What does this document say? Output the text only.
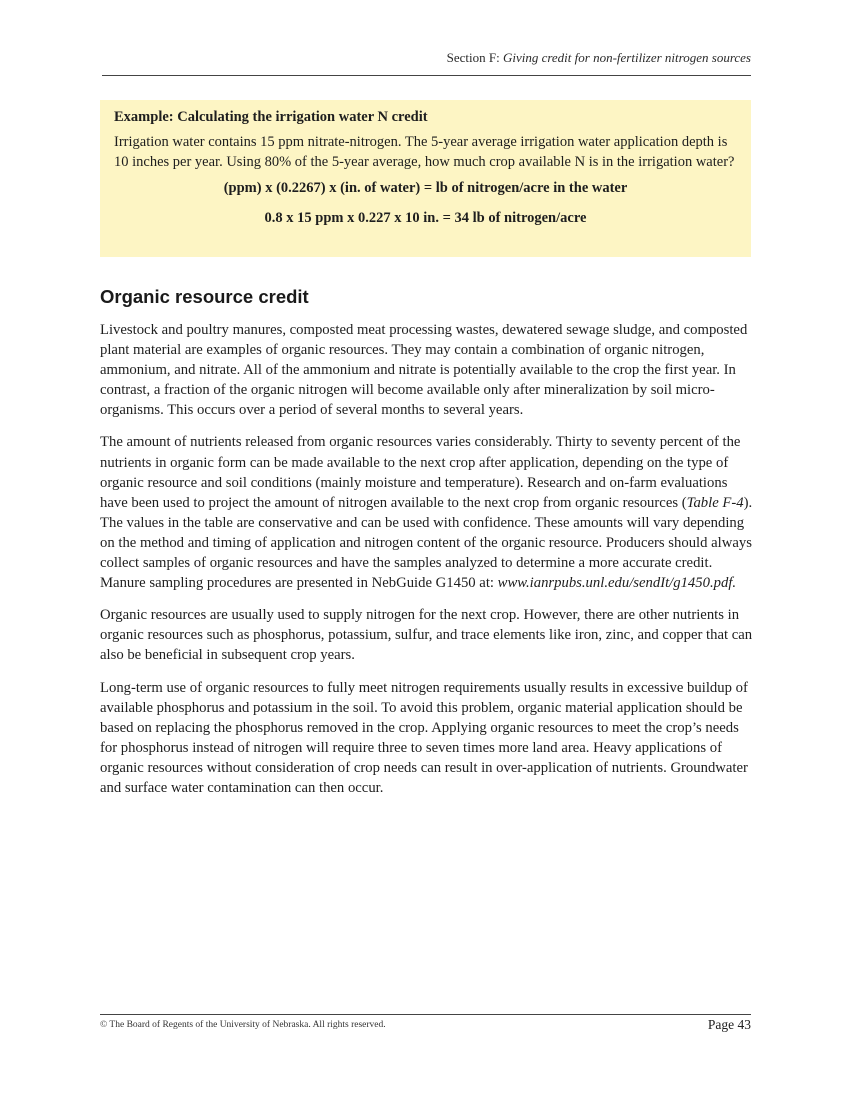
Section F: Giving credit for non-fertilizer nitrogen sources
Example: Calculating the irrigation water N credit
Irrigation water contains 15 ppm nitrate-nitrogen. The 5-year average irrigation water application depth is 10 inches per year. Using 80% of the 5-year average, how much crop available N is in the irrigation water?
(ppm) x (0.2267) x (in. of water) = lb of nitrogen/acre in the water
0.8 x 15 ppm x 0.227 x 10 in. = 34 lb of nitrogen/acre
Organic resource credit

Livestock and poultry manures, composted meat processing wastes, dewatered sewage sludge, and composted plant material are examples of organic resources. They may contain a combination of organic nitrogen, ammonium, and nitrate. All of the ammonium and nitrate is potentially available to the crop the first year. In contrast, a fraction of the organic nitrogen will become available only after mineralization by soil micro-organisms. This occurs over a period of several months to several years.

The amount of nutrients released from organic resources varies considerably. Thirty to seventy percent of the nutrients in organic form can be made available to the next crop after application, depending on the type of organic resource and soil conditions (mainly moisture and temperature). Research and on-farm evaluations have been used to project the amount of nitrogen available to the next crop from organic resources (Table F-4). The values in the table are conservative and can be used with confidence. These amounts will vary depending on the method and timing of application and nitrogen content of the organic resource. Producers should always collect samples of organic resources and have the samples analyzed to determine a more accurate credit. Manure sampling procedures are presented in NebGuide G1450 at: www.ianrpubs.unl.edu/sendIt/g1450.pdf.

Organic resources are usually used to supply nitrogen for the next crop. However, there are other nutrients in organic resources such as phosphorus, potassium, sulfur, and trace elements like iron, zinc, and copper that can also be beneficial in subsequent crop years.

Long-term use of organic resources to fully meet nitrogen requirements usually results in excessive buildup of available phosphorus and potassium in the soil. To avoid this problem, organic material application should be based on replacing the phosphorus removed in the crop. Applying organic resources to meet the crop’s needs for phosphorus instead of nitrogen will require three to seven times more land area. Heavy applications of organic resources without consideration of crop needs can result in over-application of nutrients. Groundwater and surface water contamination can then occur.

© The Board of Regents of the University of Nebraska. All rights reserved.	Page 43
